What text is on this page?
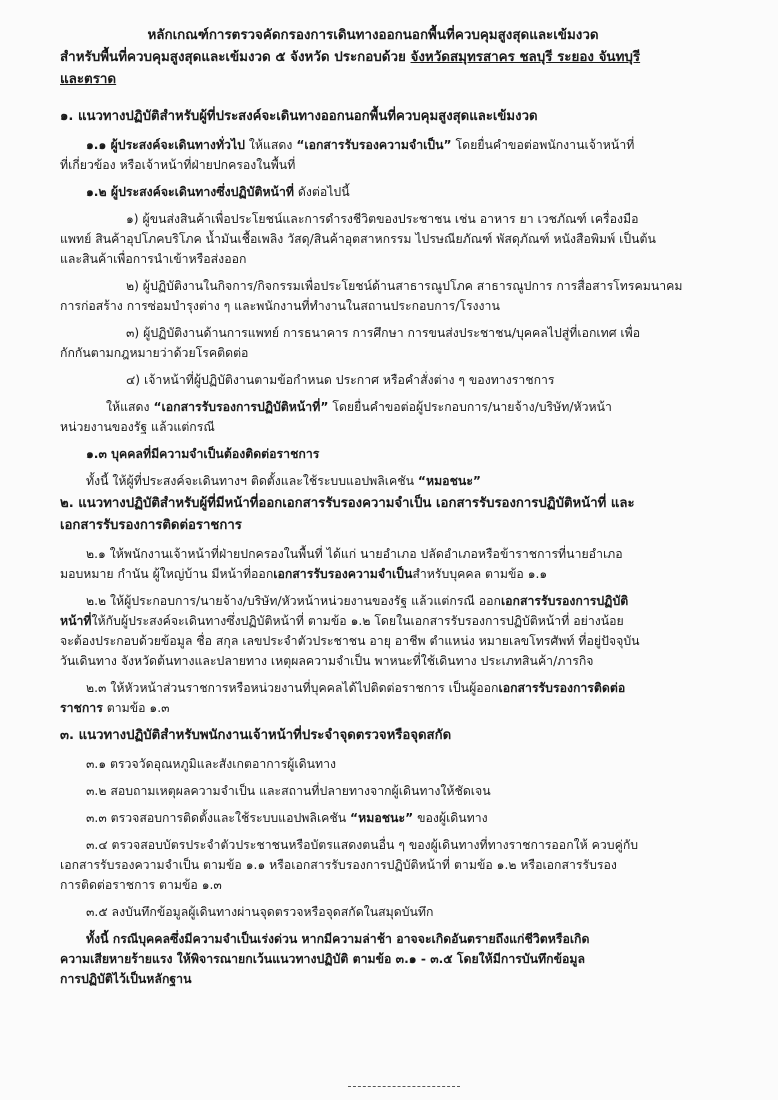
หลักเกณฑ์การตรวจคัดกรองการเดินทางออกนอกพื้นที่ควบคุมสูงสุดและเข้มงวด

สำหรับพื้นที่ควบคุมสูงสุดและเข้มงวด ๕ จังหวัด ประกอบด้วย จังหวัดสมุทรสาคร ชลบุรี ระยอง จันทบุรี

และตราด

๑. แนวทางปฏิบัติสำหรับผู้ที่ประสงค์จะเดินทางออกนอกพื้นที่ควบคุมสูงสุดและเข้มงวด

๑.๑ ผู้ประสงค์จะเดินทางทั่วไป ให้แสดง “เอกสารรับรองความจำเป็น” โดยยื่นคำขอต่อพนักงานเจ้าหน้าที่

ที่เกี่ยวข้อง หรือเจ้าหน้าที่ฝ่ายปกครองในพื้นที่

๑.๒ ผู้ประสงค์จะเดินทางซึ่งปฏิบัติหน้าที่ ดังต่อไปนี้

๑) ผู้ขนส่งสินค้าเพื่อประโยชน์และการดำรงชีวิตของประชาชน เช่น อาหาร ยา เวชภัณฑ์ เครื่องมือ

แพทย์ สินค้าอุปโภคบริโภค น้ำมันเชื้อเพลิง วัสดุ/สินค้าอุตสาหกรรม ไปรษณียภัณฑ์ พัสดุภัณฑ์ หนังสือพิมพ์ เป็นต้น

และสินค้าเพื่อการนำเข้าหรือส่งออก

๒) ผู้ปฏิบัติงานในกิจการ/กิจกรรมเพื่อประโยชน์ด้านสาธารณูปโภค สาธารณูปการ การสื่อสารโทรคมนาคม

การก่อสร้าง การซ่อมบำรุงต่าง ๆ และพนักงานที่ทำงานในสถานประกอบการ/โรงงาน

๓) ผู้ปฏิบัติงานด้านการแพทย์ การธนาคาร การศึกษา การขนส่งประชาชน/บุคคลไปสู่ที่เอกเทศ เพื่อ

กักกันตามกฎหมายว่าด้วยโรคติดต่อ

๔) เจ้าหน้าที่ผู้ปฏิบัติงานตามข้อกำหนด ประกาศ หรือคำสั่งต่าง ๆ ของทางราชการ

ให้แสดง “เอกสารรับรองการปฏิบัติหน้าที่” โดยยื่นคำขอต่อผู้ประกอบการ/นายจ้าง/บริษัท/หัวหน้า

หน่วยงานของรัฐ แล้วแต่กรณี

๑.๓ บุคคลที่มีความจำเป็นต้องติดต่อราชการ

ทั้งนี้ ให้ผู้ที่ประสงค์จะเดินทางฯ ติดตั้งและใช้ระบบแอปพลิเคชัน “หมอชนะ”

๒. แนวทางปฏิบัติสำหรับผู้ที่มีหน้าที่ออกเอกสารรับรองความจำเป็น เอกสารรับรองการปฏิบัติหน้าที่ และ

เอกสารรับรองการติดต่อราชการ

๒.๑ ให้พนักงานเจ้าหน้าที่ฝ่ายปกครองในพื้นที่ ได้แก่ นายอำเภอ ปลัดอำเภอหรือข้าราชการที่นายอำเภอ

มอบหมาย กำนัน ผู้ใหญ่บ้าน มีหน้าที่ออกเอกสารรับรองความจำเป็นสำหรับบุคคล ตามข้อ ๑.๑

๒.๒ ให้ผู้ประกอบการ/นายจ้าง/บริษัท/หัวหน้าหน่วยงานของรัฐ แล้วแต่กรณี ออกเอกสารรับรองการปฏิบัติ

หน้าที่ให้กับผู้ประสงค์จะเดินทางซึ่งปฏิบัติหน้าที่ ตามข้อ ๑.๒ โดยในเอกสารรับรองการปฏิบัติหน้าที่ อย่างน้อย

จะต้องประกอบด้วยข้อมูล ชื่อ สกุล เลขประจำตัวประชาชน อายุ อาชีพ ตำแหน่ง หมายเลขโทรศัพท์ ที่อยู่ปัจจุบัน

วันเดินทาง จังหวัดต้นทางและปลายทาง เหตุผลความจำเป็น พาหนะที่ใช้เดินทาง ประเภทสินค้า/ภารกิจ

๒.๓ ให้หัวหน้าส่วนราชการหรือหน่วยงานที่บุคคลได้ไปติดต่อราชการ เป็นผู้ออกเอกสารรับรองการติดต่อ

ราชการ ตามข้อ ๑.๓

๓. แนวทางปฏิบัติสำหรับพนักงานเจ้าหน้าที่ประจำจุดตรวจหรือจุดสกัด

๓.๑ ตรวจวัดอุณหภูมิและสังเกตอาการผู้เดินทาง

๓.๒ สอบถามเหตุผลความจำเป็น และสถานที่ปลายทางจากผู้เดินทางให้ชัดเจน

๓.๓ ตรวจสอบการติดตั้งและใช้ระบบแอปพลิเคชัน “หมอชนะ” ของผู้เดินทาง

๓.๔ ตรวจสอบบัตรประจำตัวประชาชนหรือบัตรแสดงตนอื่น ๆ ของผู้เดินทางที่ทางราชการออกให้ ควบคู่กับ

เอกสารรับรองความจำเป็น ตามข้อ ๑.๑ หรือเอกสารรับรองการปฏิบัติหน้าที่ ตามข้อ ๑.๒ หรือเอกสารรับรอง

การติดต่อราชการ ตามข้อ ๑.๓

๓.๕ ลงบันทึกข้อมูลผู้เดินทางผ่านจุดตรวจหรือจุดสกัดในสมุดบันทึก

ทั้งนี้ กรณีบุคคลซึ่งมีความจำเป็นเร่งด่วน หากมีความล่าช้า อาจจะเกิดอันตรายถึงแก่ชีวิตหรือเกิด

ความเสียหายร้ายแรง ให้พิจารณายกเว้นแนวทางปฏิบัติ ตามข้อ ๓.๑ - ๓.๕ โดยให้มีการบันทึกข้อมูล

การปฏิบัติไว้เป็นหลักฐาน
